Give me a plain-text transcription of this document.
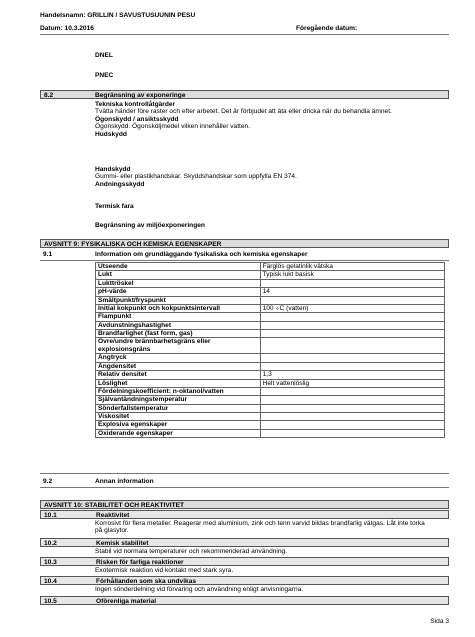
Handelsnamn: GRILLIN / SAVUSTUSUUNIN PESU
Datum: 10.3.2016	Föregående datum:
DNEL
PNEC
8.2	Begränsning av exponeringe

Tekniska kontrollåtgärder

Tvätta händer före raster och efter arbetet. Det är förbjudet att äta eller dricka när du behandla ämnet.

Ögonskydd / ansiktsskydd

Ögonskydd. Ögonsköljmedel vilken innehåller vatten.

Hudskydd

Handskydd

Gummi- eller plastikhandskar. Skyddshandskar som uppfylla EN 374.

Andningsskydd

Termisk fara
Begränsning av miljöexponeringen
AVSNITT 9: FYSIKALISKA OCH KEMISKA EGENSKAPER
9.1	Information om grundläggande fysikaliska och kemiska egenskaper
Utseende	Färglös gelatinlik vätska
Lukt	Typisk lukt basisk
Lukttröskel	
pH-värde	14
Smältpunkt/fryspunkt	
Initial kokpunkt och kokpunktsintervall	100 ∘C (vatten)
Flampunkt	
Avdunstningshastighet	
Brandfarlighet (fast form, gas)	
Övre/undre brännbarhetsgräns eller explosionsgräns	
Ångtryck	
Ångdensitet	
Relativ densitet	1,3
Löslighet	Helt vattenlöslig
Fördelningskoefficient: n-oktanol/vatten	
Självantändningstemperatur	
Sönderfallstemperatur	
Viskositet	
Explosiva egenskaper	
Oxiderande egenskaper	
9.2	Annan information
AVSNITT 10: STABILITET OCH REAKTIVITET
10.1	Reaktivitet
Korrosivt för flera metaller. Reagerar med aluminium, zink och tenn varvid bildas brandfarlig vätgas. Låt inte torka på glasytor.
10.2	Kemisk stabilitet
Stabil vid normala temperaturer och rekommenderad användning.
10.3	Risken för farliga reaktioner
Exotermisk reaktion vid kontakt med stark syra.
10.4	Förhållanden som ska undvikas
Ingen sönderdelning vid förvaring och användning enligt anvisningarna.
10.5	Oförenliga material
Sida 3
